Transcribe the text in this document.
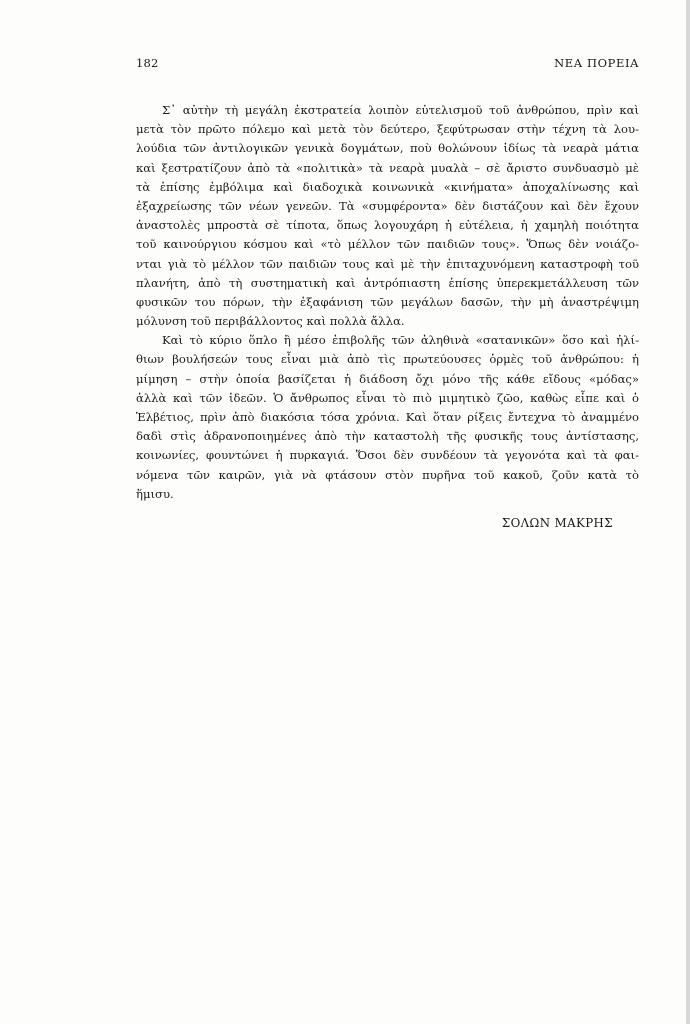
182	ΝΕΑ ΠΟΡΕΙΑ
Σ᾿ αὐτὴν τὴ μεγάλη ἐκστρατεία λοιπὸν εὐτελισμοῦ τοῦ ἀνθρώπου, πρὶν καὶ
μετὰ τὸν πρῶτο πόλεμο καὶ μετὰ τὸν δεύτερο, ξεφύτρωσαν στὴν τέχνη τὰ λου-
λούδια τῶν ἀντιλογικῶν γενικὰ δογμάτων, ποὺ θολώνουν ἰδίως τὰ νεαρὰ μάτια
καὶ ξεστρατίζουν ἀπὸ τὰ «πολιτικὰ» τὰ νεαρὰ μυαλὰ – σὲ ἄριστο συνδυασμὸ μὲ
τὰ ἐπίσης ἐμβόλιμα καὶ διαδοχικὰ κοινωνικὰ «κινήματα» ἀποχαλίνωσης καὶ
ἐξαχρείωσης τῶν νέων γενεῶν. Τὰ «συμφέροντα» δὲν διστάζουν καὶ δὲν ἔχουν
ἀναστολὲς μπροστὰ σὲ τίποτα, ὅπως λογουχάρη ἡ εὐτέλεια, ἡ χαμηλὴ ποιότητα
τοῦ καινούργιου κόσμου καὶ «τὸ μέλλον τῶν παιδιῶν τους». Ὅπως δὲν νοιάζο-
νται γιὰ τὸ μέλλον τῶν παιδιῶν τους καὶ μὲ τὴν ἐπιταχυνόμενη καταστροφὴ τοῦ
πλανήτη, ἀπὸ τὴ συστηματικὴ καὶ ἀντρόπιαστη ἐπίσης ὑπερεκμετάλλευση τῶν
φυσικῶν του πόρων, τὴν ἐξαφάνιση τῶν μεγάλων δασῶν, τὴν μὴ ἀναστρέψιμη
μόλυνση τοῦ περιβάλλοντος καὶ πολλὰ ἄλλα.
Καὶ τὸ κύριο ὅπλο ἢ μέσο ἐπιβολῆς τῶν ἀληθινὰ «σατανικῶν» ὅσο καὶ ἠλί-
θιων βουλήσεών τους εἶναι μιὰ ἀπὸ τὶς πρωτεύουσες ὁρμὲς τοῦ ἀνθρώπου: ἡ
μίμηση – στὴν ὁποία βασίζεται ἡ διάδοση ὄχι μόνο τῆς κάθε εἴδους «μόδας»
ἀλλὰ καὶ τῶν ἰδεῶν. Ὁ ἄνθρωπος εἶναι τὸ πιὸ μιμητικὸ ζῶο, καθὼς εἶπε καὶ ὁ
Ἑλβέτιος, πρὶν ἀπὸ διακόσια τόσα χρόνια. Καὶ ὅταν ρίξεις ἔντεχνα τὸ ἀναμμένο
δαδὶ στὶς ἀδρανοποιημένες ἀπὸ τὴν καταστολὴ τῆς φυσικῆς τους ἀντίστασης,
κοινωνίες, φουντώνει ἡ πυρκαγιά. Ὅσοι δὲν συνδέουν τὰ γεγονότα καὶ τὰ φαι-
νόμενα τῶν καιρῶν, γιὰ νὰ φτάσουν στὸν πυρῆνα τοῦ κακοῦ, ζοῦν κατὰ τὸ
ἥμισυ.
ΣΟΛΩΝ ΜΑΚΡΗΣ
